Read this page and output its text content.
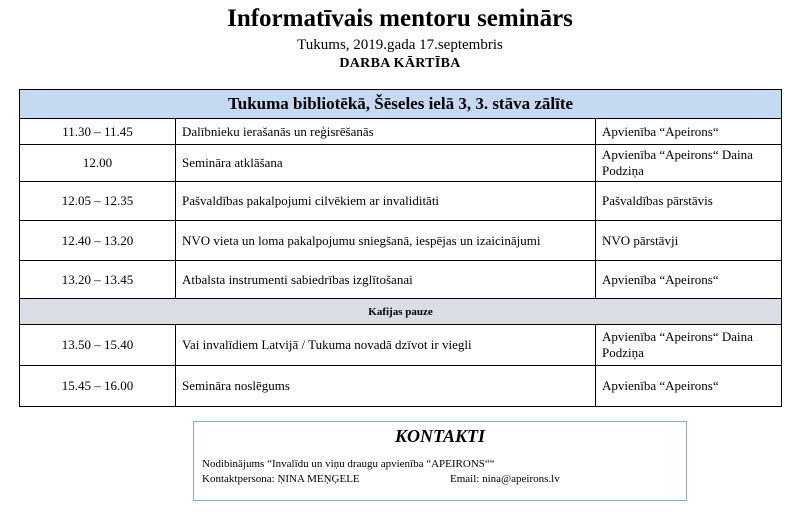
Informatīvais mentoru seminārs
Tukums, 2019.gada 17.septembris
DARBA KĀRTĪBA
Tukuma bibliotēkā, Šēseles ielā 3, 3. stāva zālīte		
11.30 – 11.45	Dalībnieku ierašanās un reģisrēšanās	Apvienība “Apeirons“
12.00	Semināra atklāšana	Apvienība “Apeirons“ Daina Podziņa
12.05 – 12.35	Pašvaldības pakalpojumi cilvēkiem ar invaliditāti	Pašvaldības pārstāvis
12.40 – 13.20	NVO vieta un loma pakalpojumu sniegšanā, iespējas un izaicinājumi	NVO pārstāvji
13.20 – 13.45	Atbalsta instrumenti sabiedrības izglītošanai	Apvienība “Apeirons“
Kafijas pauze		
13.50 – 15.40	Vai invalīdiem Latvijā / Tukuma novadā dzīvot ir viegli	Apvienība “Apeirons“ Daina Podziņa
15.45 – 16.00	Semināra noslēgums	Apvienība “Apeirons“
KONTAKTI
Nodibinājums “Invalīdu un viņu draugu apvienība “APEIRONS““
Kontaktpersona: ŅINA MEŅĢELE	Email: nina@apeirons.lv
